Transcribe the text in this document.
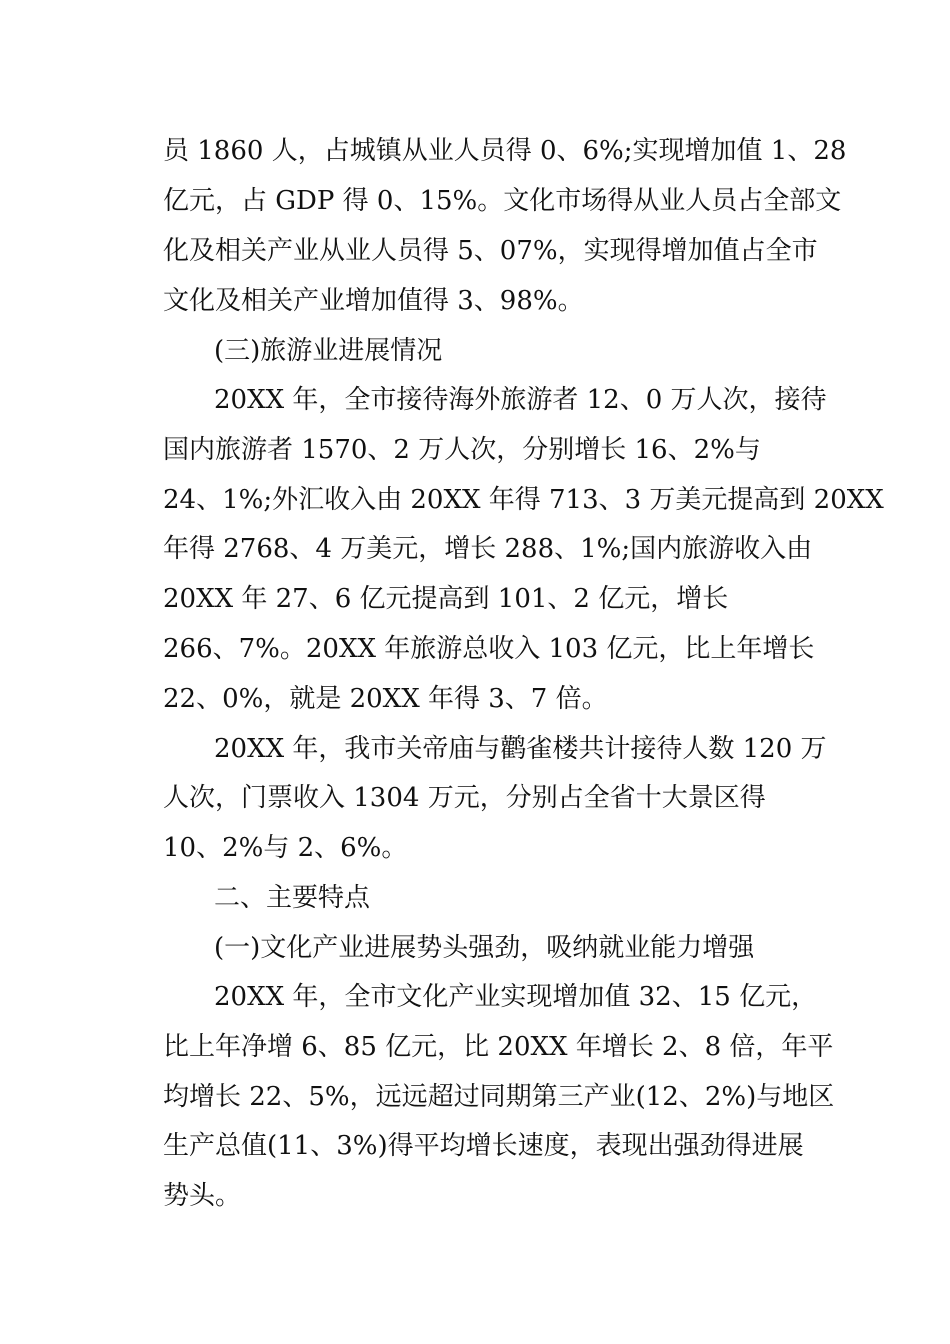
员 1860 人，占城镇从业人员得 0、6%;实现增加值 1、28
亿元，占 GDP 得 0、15%。文化市场得从业人员占全部文
化及相关产业从业人员得 5、07%，实现得增加值占全市
文化及相关产业增加值得 3、98%。
(三)旅游业进展情况
20XX 年，全市接待海外旅游者 12、0 万人次，接待
国内旅游者 1570、2 万人次，分别增长 16、2%与
24、1%;外汇收入由 20XX 年得 713、3 万美元提高到 20XX
年得 2768、4 万美元，增长 288、1%;国内旅游收入由
20XX 年 27、6 亿元提高到 101、2 亿元，增长
266、7%。20XX 年旅游总收入 103 亿元，比上年增长
22、0%，就是 20XX 年得 3、7 倍。
20XX 年，我市关帝庙与鹳雀楼共计接待人数 120 万
人次，门票收入 1304 万元，分别占全省十大景区得
10、2%与 2、6%。
二、主要特点
(一)文化产业进展势头强劲，吸纳就业能力增强
20XX 年，全市文化产业实现增加值 32、15 亿元，
比上年净增 6、85 亿元，比 20XX 年增长 2、8 倍，年平
均增长 22、5%，远远超过同期第三产业(12、2%)与地区
生产总值(11、3%)得平均增长速度，表现出强劲得进展
势头。
